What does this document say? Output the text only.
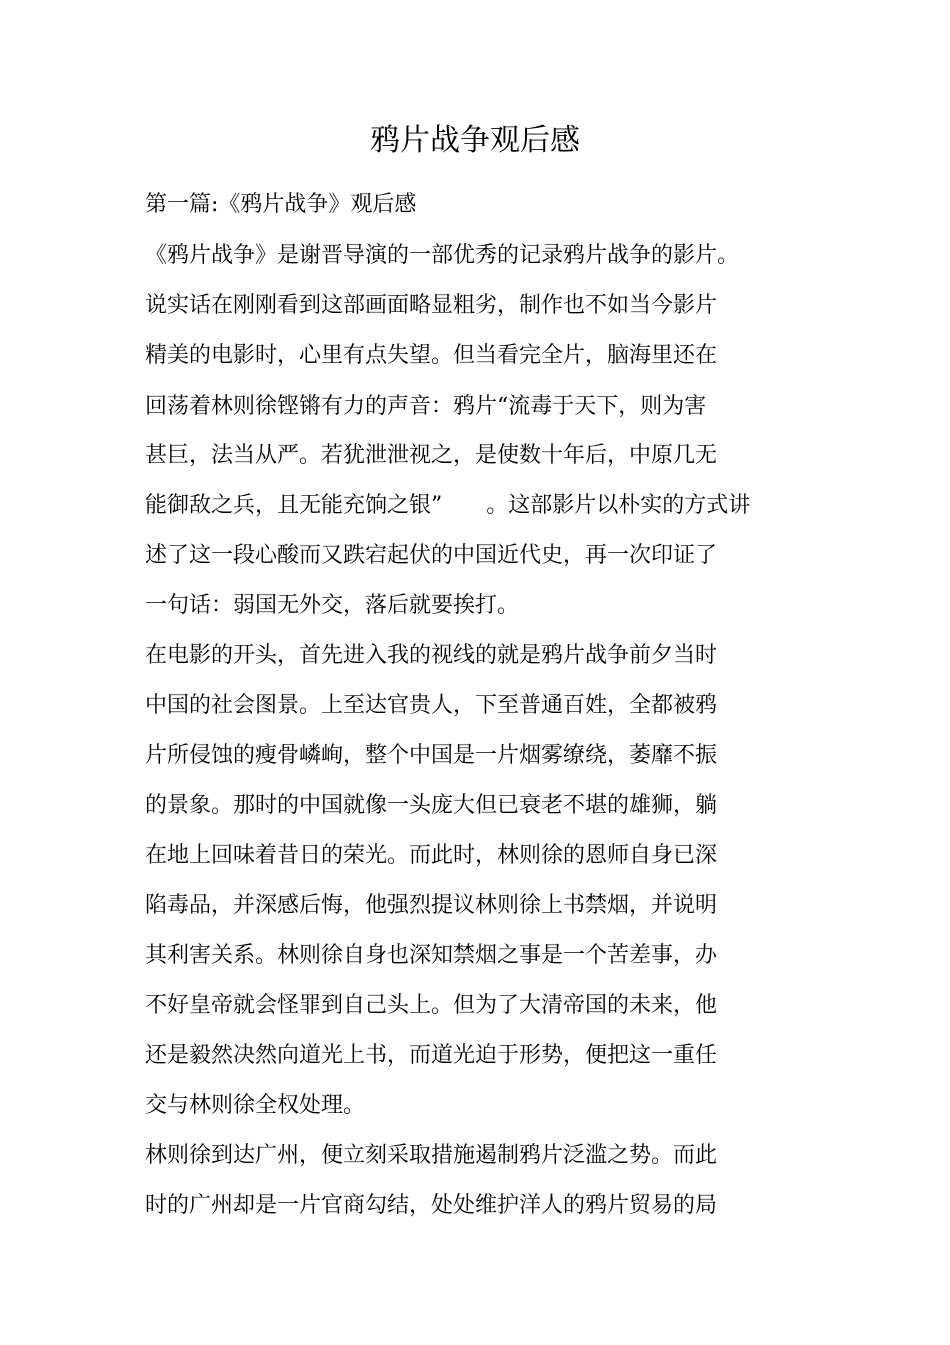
鸦片战争观后感
第一篇:《鸦片战争》观后感
《鸦片战争》是谢晋导演的一部优秀的记录鸦片战争的影片。
说实话在刚刚看到这部画面略显粗劣，制作也不如当今影片
精美的电影时，心里有点失望。但当看完全片，脑海里还在
回荡着林则徐铿锵有力的声音：鸦片“流毒于天下，则为害
甚巨，法当从严。若犹泄泄视之，是使数十年后，中原几无
能御敌之兵，且无能充饷之银”　　。这部影片以朴实的方式讲
述了这一段心酸而又跌宕起伏的中国近代史，再一次印证了
一句话：弱国无外交，落后就要挨打。
在电影的开头，首先进入我的视线的就是鸦片战争前夕当时
中国的社会图景。上至达官贵人，下至普通百姓，全都被鸦
片所侵蚀的瘦骨嶙峋，整个中国是一片烟雾缭绕，萎靡不振
的景象。那时的中国就像一头庞大但已衰老不堪的雄狮，躺
在地上回味着昔日的荣光。而此时，林则徐的恩师自身已深
陷毒品，并深感后悔，他强烈提议林则徐上书禁烟，并说明
其利害关系。林则徐自身也深知禁烟之事是一个苦差事，办
不好皇帝就会怪罪到自己头上。但为了大清帝国的未来，他
还是毅然决然向道光上书，而道光迫于形势，便把这一重任
交与林则徐全权处理。
林则徐到达广州，便立刻采取措施遏制鸦片泛滥之势。而此
时的广州却是一片官商勾结，处处维护洋人的鸦片贸易的局
